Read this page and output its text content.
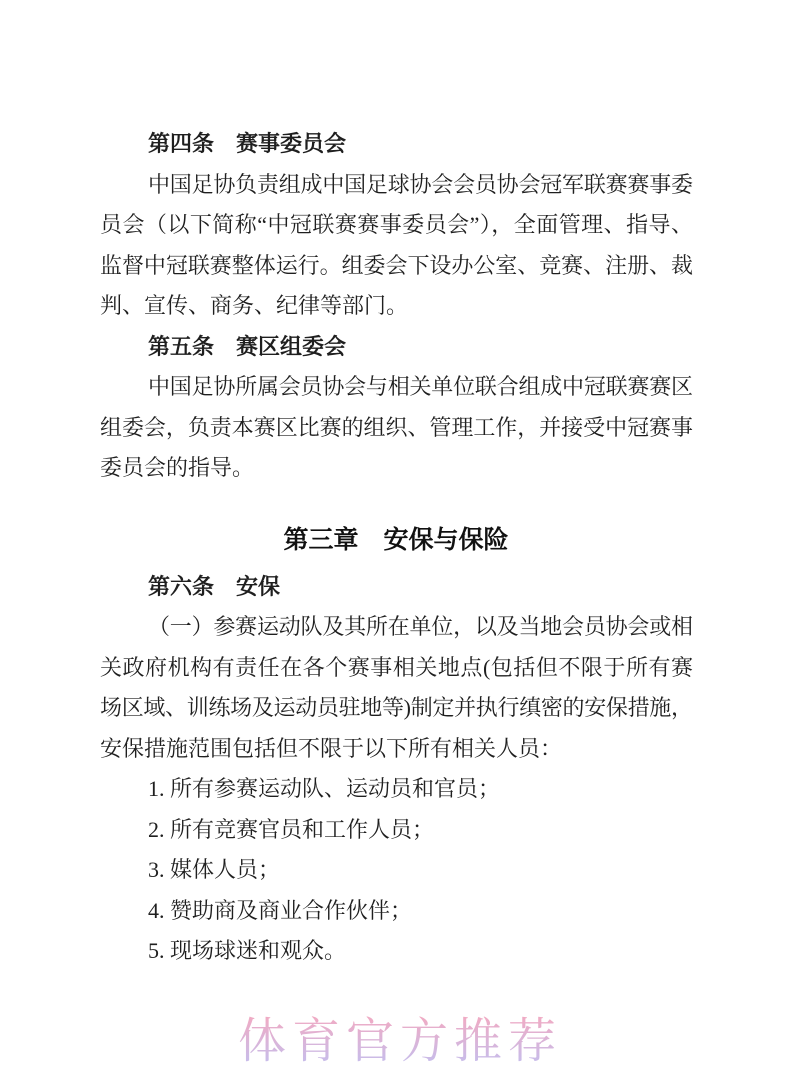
第四条　赛事委员会
中国足协负责组成中国足球协会会员协会冠军联赛赛事委
员会（以下简称“中冠联赛赛事委员会”），全面管理、指导、
监督中冠联赛整体运行。组委会下设办公室、竞赛、注册、裁
判、宣传、商务、纪律等部门。
第五条　赛区组委会
中国足协所属会员协会与相关单位联合组成中冠联赛赛区
组委会，负责本赛区比赛的组织、管理工作，并接受中冠赛事
委员会的指导。
第三章　安保与保险
第六条　安保
（一）参赛运动队及其所在单位，以及当地会员协会或相
关政府机构有责任在各个赛事相关地点(包括但不限于所有赛
场区域、训练场及运动员驻地等)制定并执行缜密的安保措施，
安保措施范围包括但不限于以下所有相关人员：
1. 所有参赛运动队、运动员和官员；
2. 所有竞赛官员和工作人员；
3. 媒体人员；
4. 赞助商及商业合作伙伴；
5. 现场球迷和观众。
体育官方推荐
